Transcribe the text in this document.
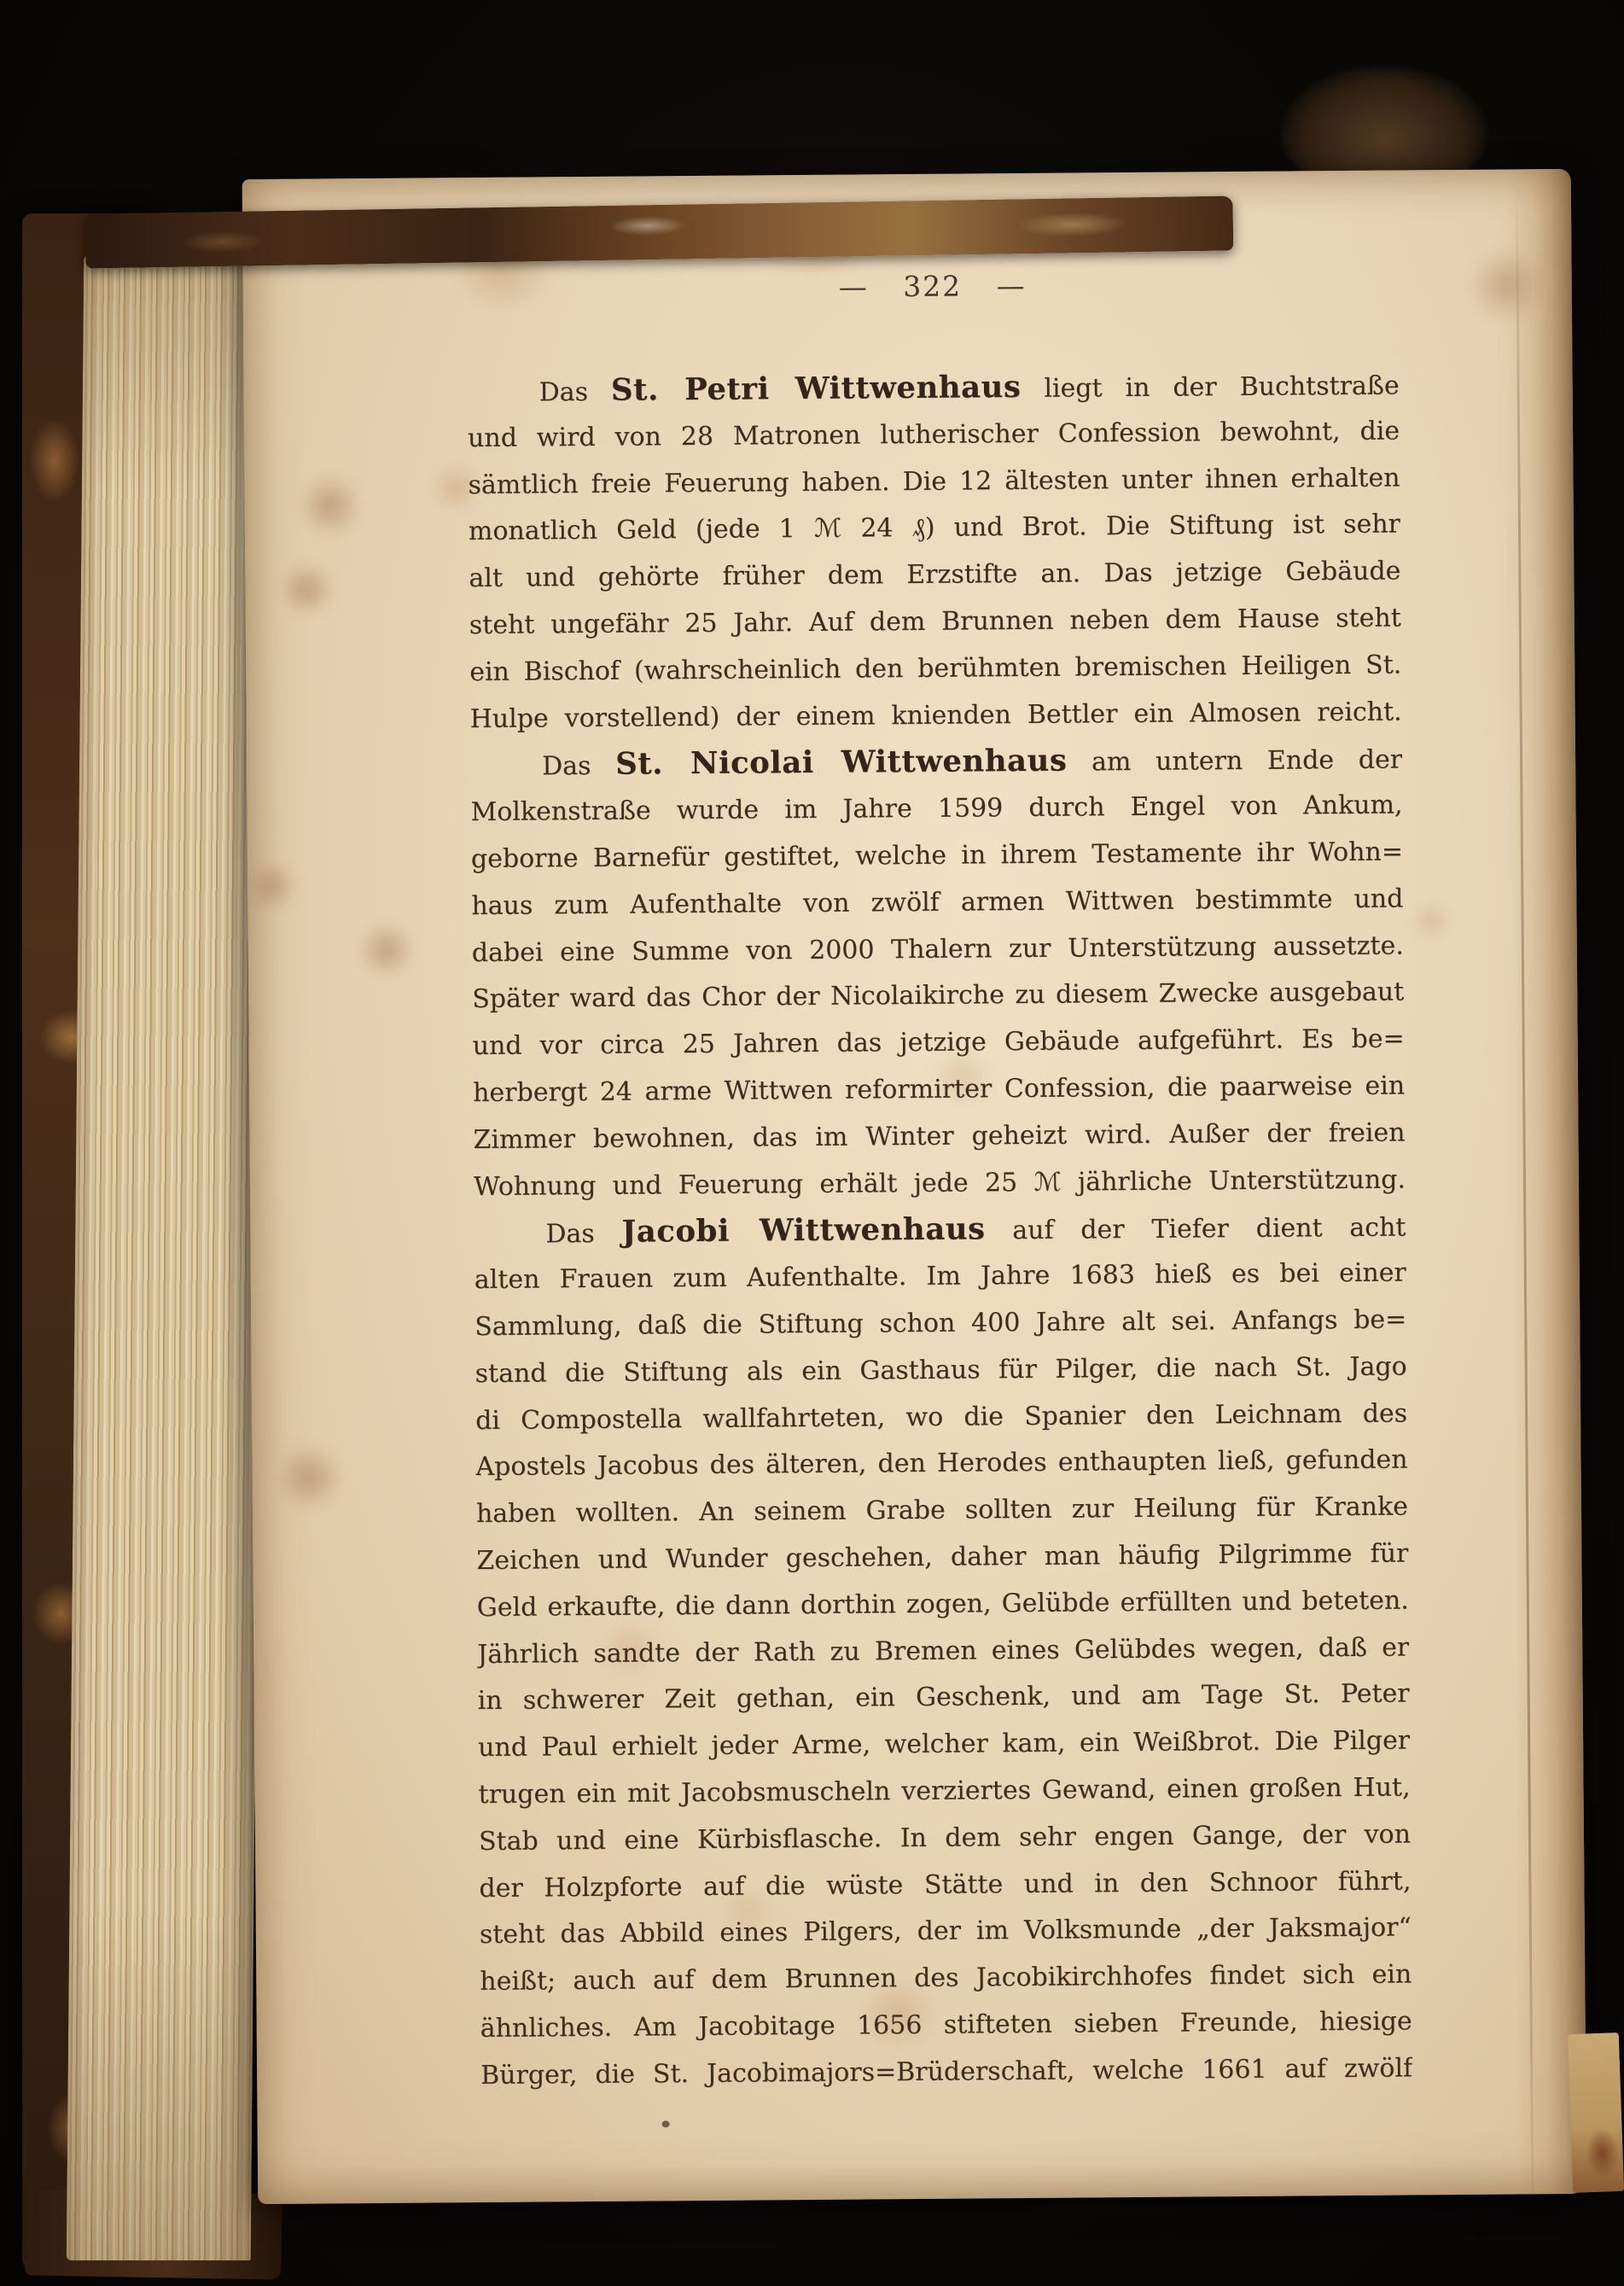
— 322 —
Das St. Petri Wittwenhaus liegt in der Buchtstraße
und wird von 28 Matronen lutherischer Confession bewohnt, die
sämtlich freie Feuerung haben. Die 12 ältesten unter ihnen erhalten
monatlich Geld (jede 1 ℳ 24 ₰) und Brot. Die Stiftung ist sehr
alt und gehörte früher dem Erzstifte an. Das jetzige Gebäude
steht ungefähr 25 Jahr. Auf dem Brunnen neben dem Hause steht
ein Bischof (wahrscheinlich den berühmten bremischen Heiligen St.
Hulpe vorstellend) der einem knienden Bettler ein Almosen reicht.
Das St. Nicolai Wittwenhaus am untern Ende der
Molkenstraße wurde im Jahre 1599 durch Engel von Ankum,
geborne Barnefür gestiftet, welche in ihrem Testamente ihr Wohn=
haus zum Aufenthalte von zwölf armen Wittwen bestimmte und
dabei eine Summe von 2000 Thalern zur Unterstützung aussetzte.
Später ward das Chor der Nicolaikirche zu diesem Zwecke ausgebaut
und vor circa 25 Jahren das jetzige Gebäude aufgeführt. Es be=
herbergt 24 arme Wittwen reformirter Confession, die paarweise ein
Zimmer bewohnen, das im Winter geheizt wird. Außer der freien
Wohnung und Feuerung erhält jede 25 ℳ jährliche Unterstützung.
Das Jacobi Wittwenhaus auf der Tiefer dient acht
alten Frauen zum Aufenthalte. Im Jahre 1683 hieß es bei einer
Sammlung, daß die Stiftung schon 400 Jahre alt sei. Anfangs be=
stand die Stiftung als ein Gasthaus für Pilger, die nach St. Jago
di Compostella wallfahrteten, wo die Spanier den Leichnam des
Apostels Jacobus des älteren, den Herodes enthaupten ließ, gefunden
haben wollten. An seinem Grabe sollten zur Heilung für Kranke
Zeichen und Wunder geschehen, daher man häufig Pilgrimme für
Geld erkaufte, die dann dorthin zogen, Gelübde erfüllten und beteten.
Jährlich sandte der Rath zu Bremen eines Gelübdes wegen, daß er
in schwerer Zeit gethan, ein Geschenk, und am Tage St. Peter
und Paul erhielt jeder Arme, welcher kam, ein Weißbrot. Die Pilger
trugen ein mit Jacobsmuscheln verziertes Gewand, einen großen Hut,
Stab und eine Kürbisflasche. In dem sehr engen Gange, der von
der Holzpforte auf die wüste Stätte und in den Schnoor führt,
steht das Abbild eines Pilgers, der im Volksmunde „der Jaksmajor“
heißt; auch auf dem Brunnen des Jacobikirchhofes findet sich ein
ähnliches. Am Jacobitage 1656 stifteten sieben Freunde, hiesige
Bürger, die St. Jacobimajors=Brüderschaft, welche 1661 auf zwölf
